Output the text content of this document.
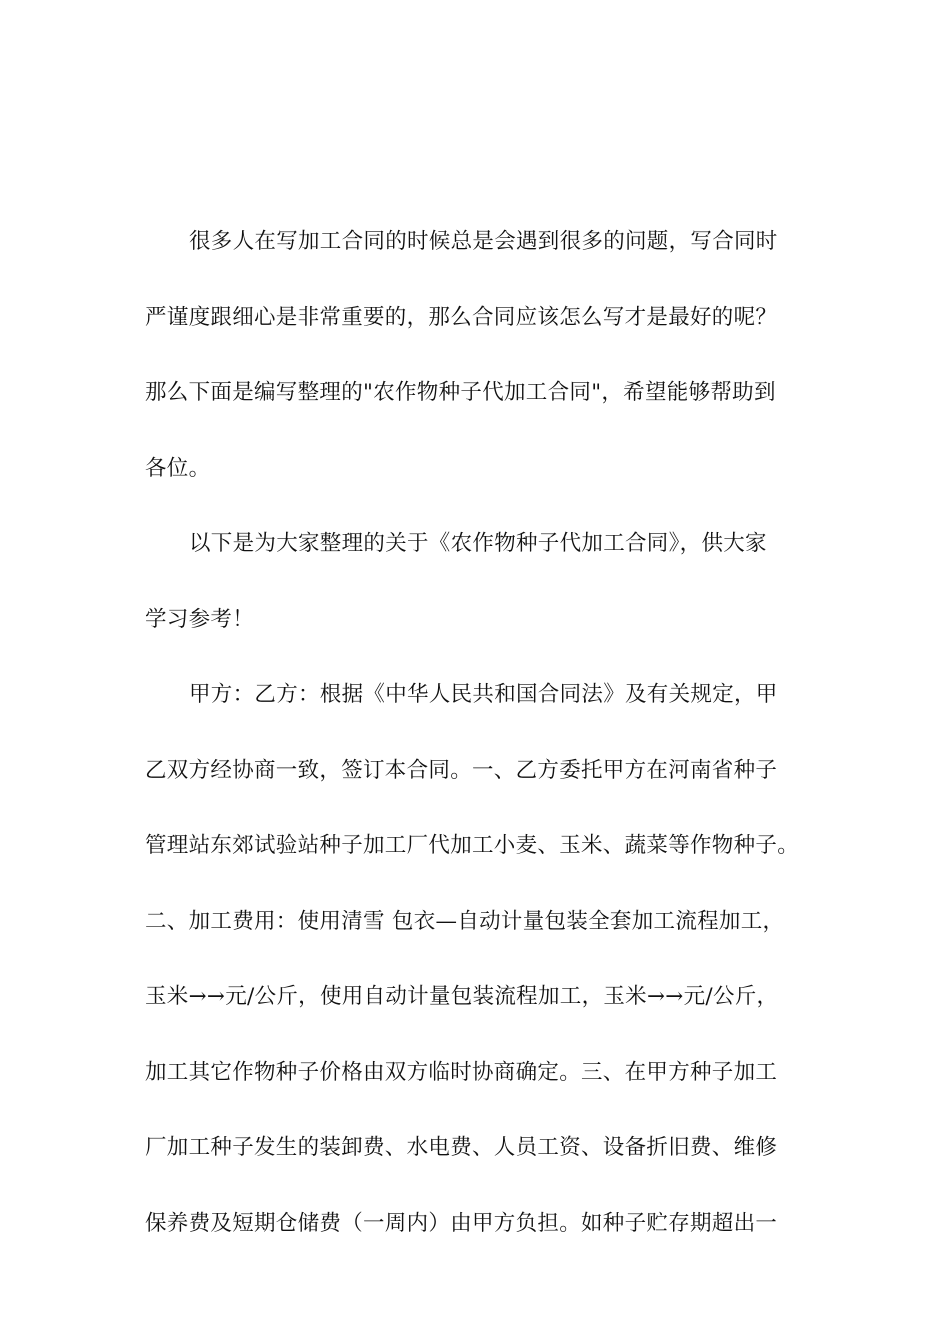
很多人在写加工合同的时候总是会遇到很多的问题，写合同时
严谨度跟细心是非常重要的，那么合同应该怎么写才是最好的呢？
那么下面是编写整理的"农作物种子代加工合同"，希望能够帮助到
各位。
以下是为大家整理的关于《农作物种子代加工合同》，供大家
学习参考！
甲方：乙方：根据《中华人民共和国合同法》及有关规定，甲
乙双方经协商一致，签订本合同。一、乙方委托甲方在河南省种子
管理站东郊试验站种子加工厂代加工小麦、玉米、蔬菜等作物种子。
二、加工费用：使用清雪 包衣—自动计量包装全套加工流程加工，
玉米→→元/公斤，使用自动计量包装流程加工，玉米→→元/公斤，
加工其它作物种子价格由双方临时协商确定。三、在甲方种子加工
厂加工种子发生的装卸费、水电费、人员工资、设备折旧费、维修
保养费及短期仓储费（一周内）由甲方负担。如种子贮存期超出一
